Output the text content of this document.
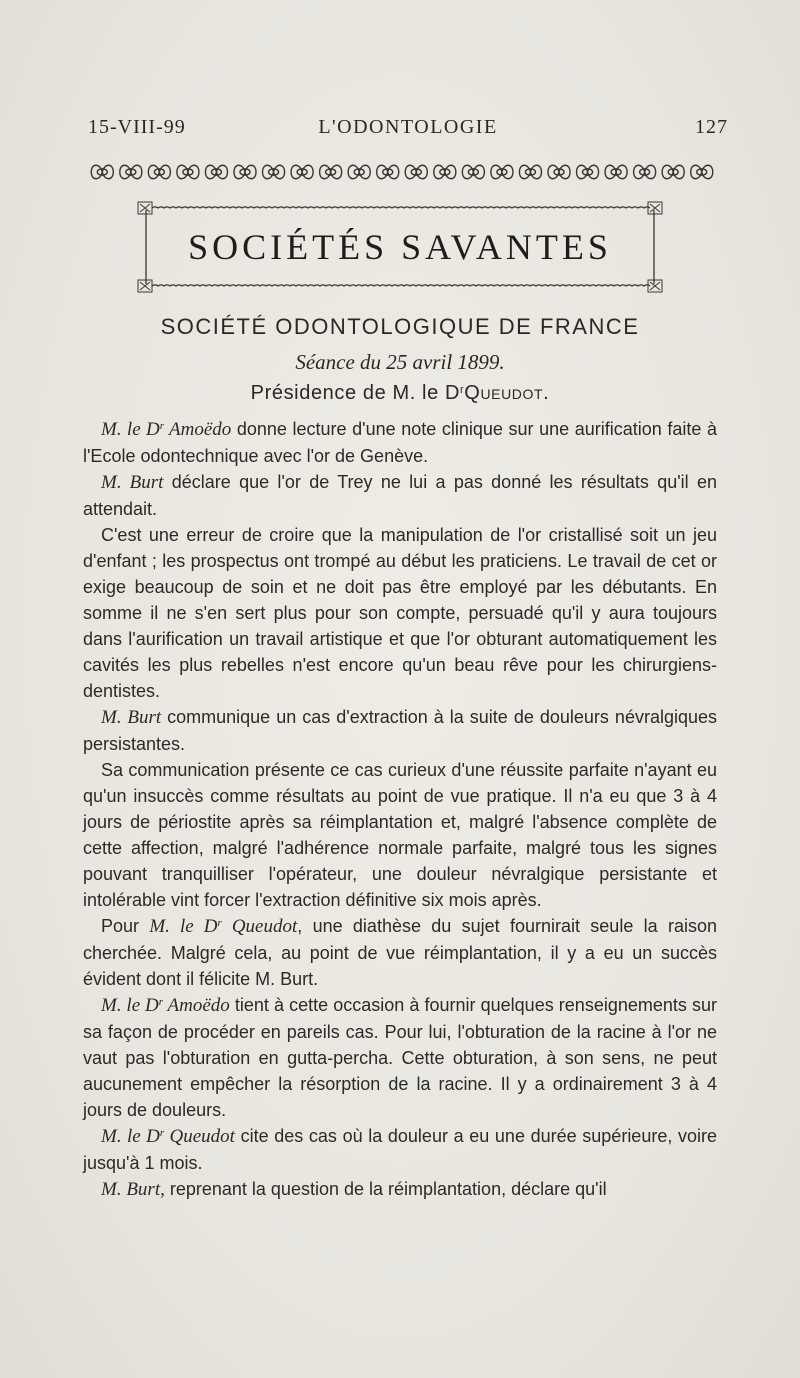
15-VIII-99	L'ODONTOLOGIE	127
SOCIÉTÉS SAVANTES
SOCIÉTÉ ODONTOLOGIQUE DE FRANCE
Séance du 25 avril 1899.
Présidence de M. le $D^rQueudot$.

M. le $D^r$ Amoëdo donne lecture d'une note clinique sur une aurification faite à l'Ecole odontechnique avec l'or de Genève.

M. Burt déclare que l'or de Trey ne lui a pas donné les résultats qu'il en attendait.

C'est une erreur de croire que la manipulation de l'or cristallisé soit un jeu d'enfant ; les prospectus ont trompé au début les praticiens. Le travail de cet or exige beaucoup de soin et ne doit pas être employé par les débutants. En somme il ne s'en sert plus pour son compte, persuadé qu'il y aura toujours dans l'aurification un travail artistique et que l'or obturant automatiquement les cavités les plus rebelles n'est encore qu'un beau rêve pour les chirurgiens-dentistes.

M. Burt communique un cas d'extraction à la suite de douleurs névralgiques persistantes.

Sa communication présente ce cas curieux d'une réussite parfaite n'ayant eu qu'un insuccès comme résultats au point de vue pratique. Il n'a eu que 3 à 4 jours de périostite après sa réimplantation et, malgré l'absence complète de cette affection, malgré l'adhérence normale parfaite, malgré tous les signes pouvant tranquilliser l'opérateur, une douleur névralgique persistante et intolérable vint forcer l'extraction définitive six mois après.

Pour M. le $D^r$ Queudot, une diathèse du sujet fournirait seule la raison cherchée. Malgré cela, au point de vue réimplantation, il y a eu un succès évident dont il félicite M. Burt.

M. le $D^r$ Amoëdo tient à cette occasion à fournir quelques renseignements sur sa façon de procéder en pareils cas. Pour lui, l'obturation de la racine à l'or ne vaut pas l'obturation en gutta-percha. Cette obturation, à son sens, ne peut aucunement empêcher la résorption de la racine. Il y a ordinairement 3 à 4 jours de douleurs.

M. le $D^r$ Queudot cite des cas où la douleur a eu une durée supérieure, voire jusqu'à 1 mois.

M. Burt, reprenant la question de la réimplantation, déclare qu'il
